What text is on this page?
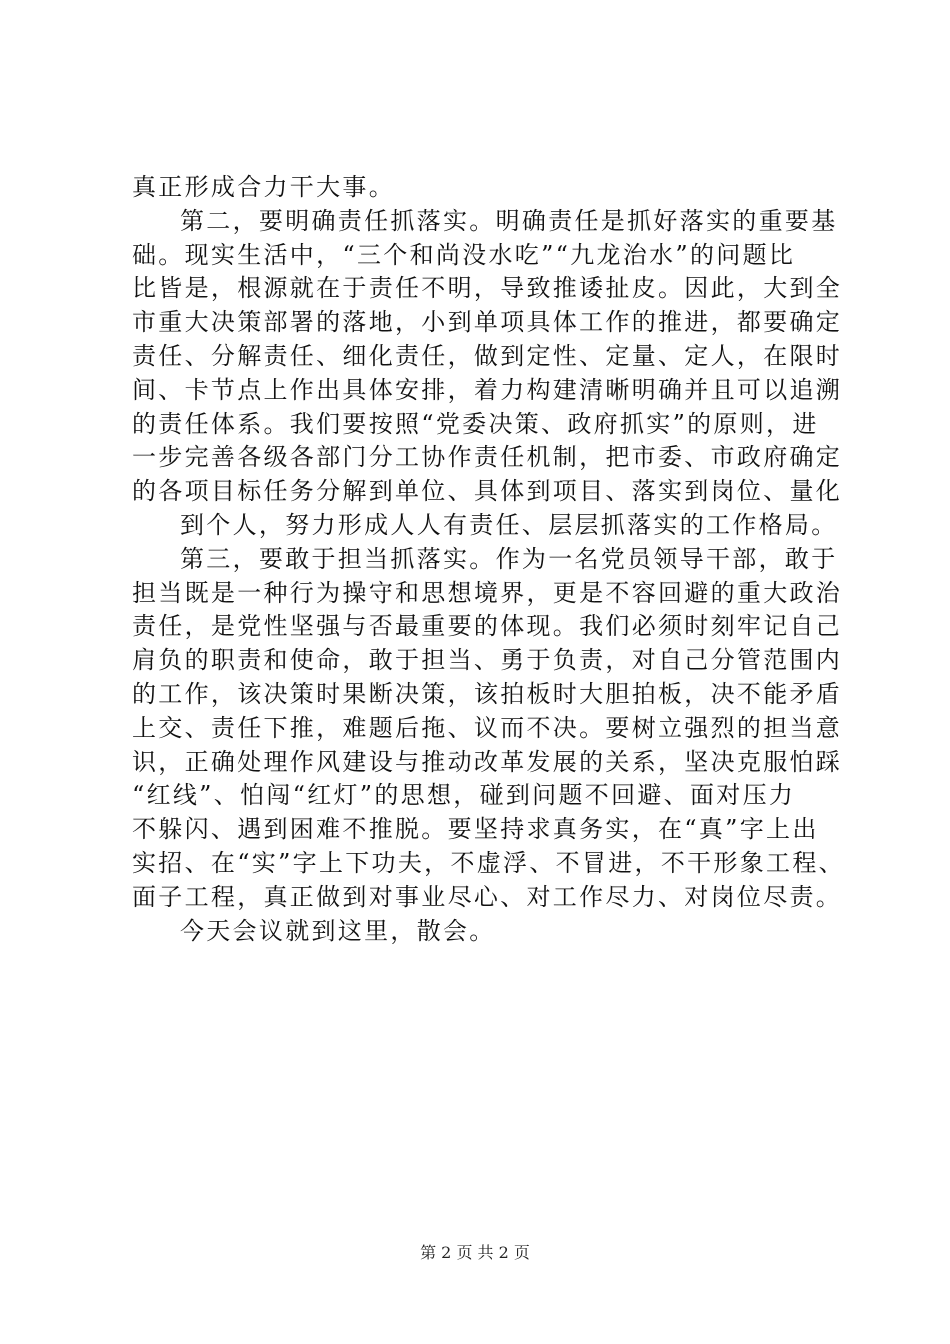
真正形成合力干大事。
第二，要明确责任抓落实。明确责任是抓好落实的重要基
础。现实生活中，“三个和尚没水吃”“九龙治水”的问题比
比皆是，根源就在于责任不明，导致推诿扯皮。因此，大到全
市重大决策部署的落地，小到单项具体工作的推进，都要确定
责任、分解责任、细化责任，做到定性、定量、定人，在限时
间、卡节点上作出具体安排，着力构建清晰明确并且可以追溯
的责任体系。我们要按照“党委决策、政府抓实”的原则，进
一步完善各级各部门分工协作责任机制，把市委、市政府确定
的各项目标任务分解到单位、具体到项目、落实到岗位、量化
到个人，努力形成人人有责任、层层抓落实的工作格局。
第三，要敢于担当抓落实。作为一名党员领导干部，敢于
担当既是一种行为操守和思想境界，更是不容回避的重大政治
责任，是党性坚强与否最重要的体现。我们必须时刻牢记自己
肩负的职责和使命，敢于担当、勇于负责，对自己分管范围内
的工作，该决策时果断决策，该拍板时大胆拍板，决不能矛盾
上交、责任下推，难题后拖、议而不决。要树立强烈的担当意
识，正确处理作风建设与推动改革发展的关系，坚决克服怕踩
“红线”、怕闯“红灯”的思想，碰到问题不回避、面对压力
不躲闪、遇到困难不推脱。要坚持求真务实，在“真”字上出
实招、在“实”字上下功夫，不虚浮、不冒进，不干形象工程、
面子工程，真正做到对事业尽心、对工作尽力、对岗位尽责。
今天会议就到这里，散会。
第 2 页 共 2 页
